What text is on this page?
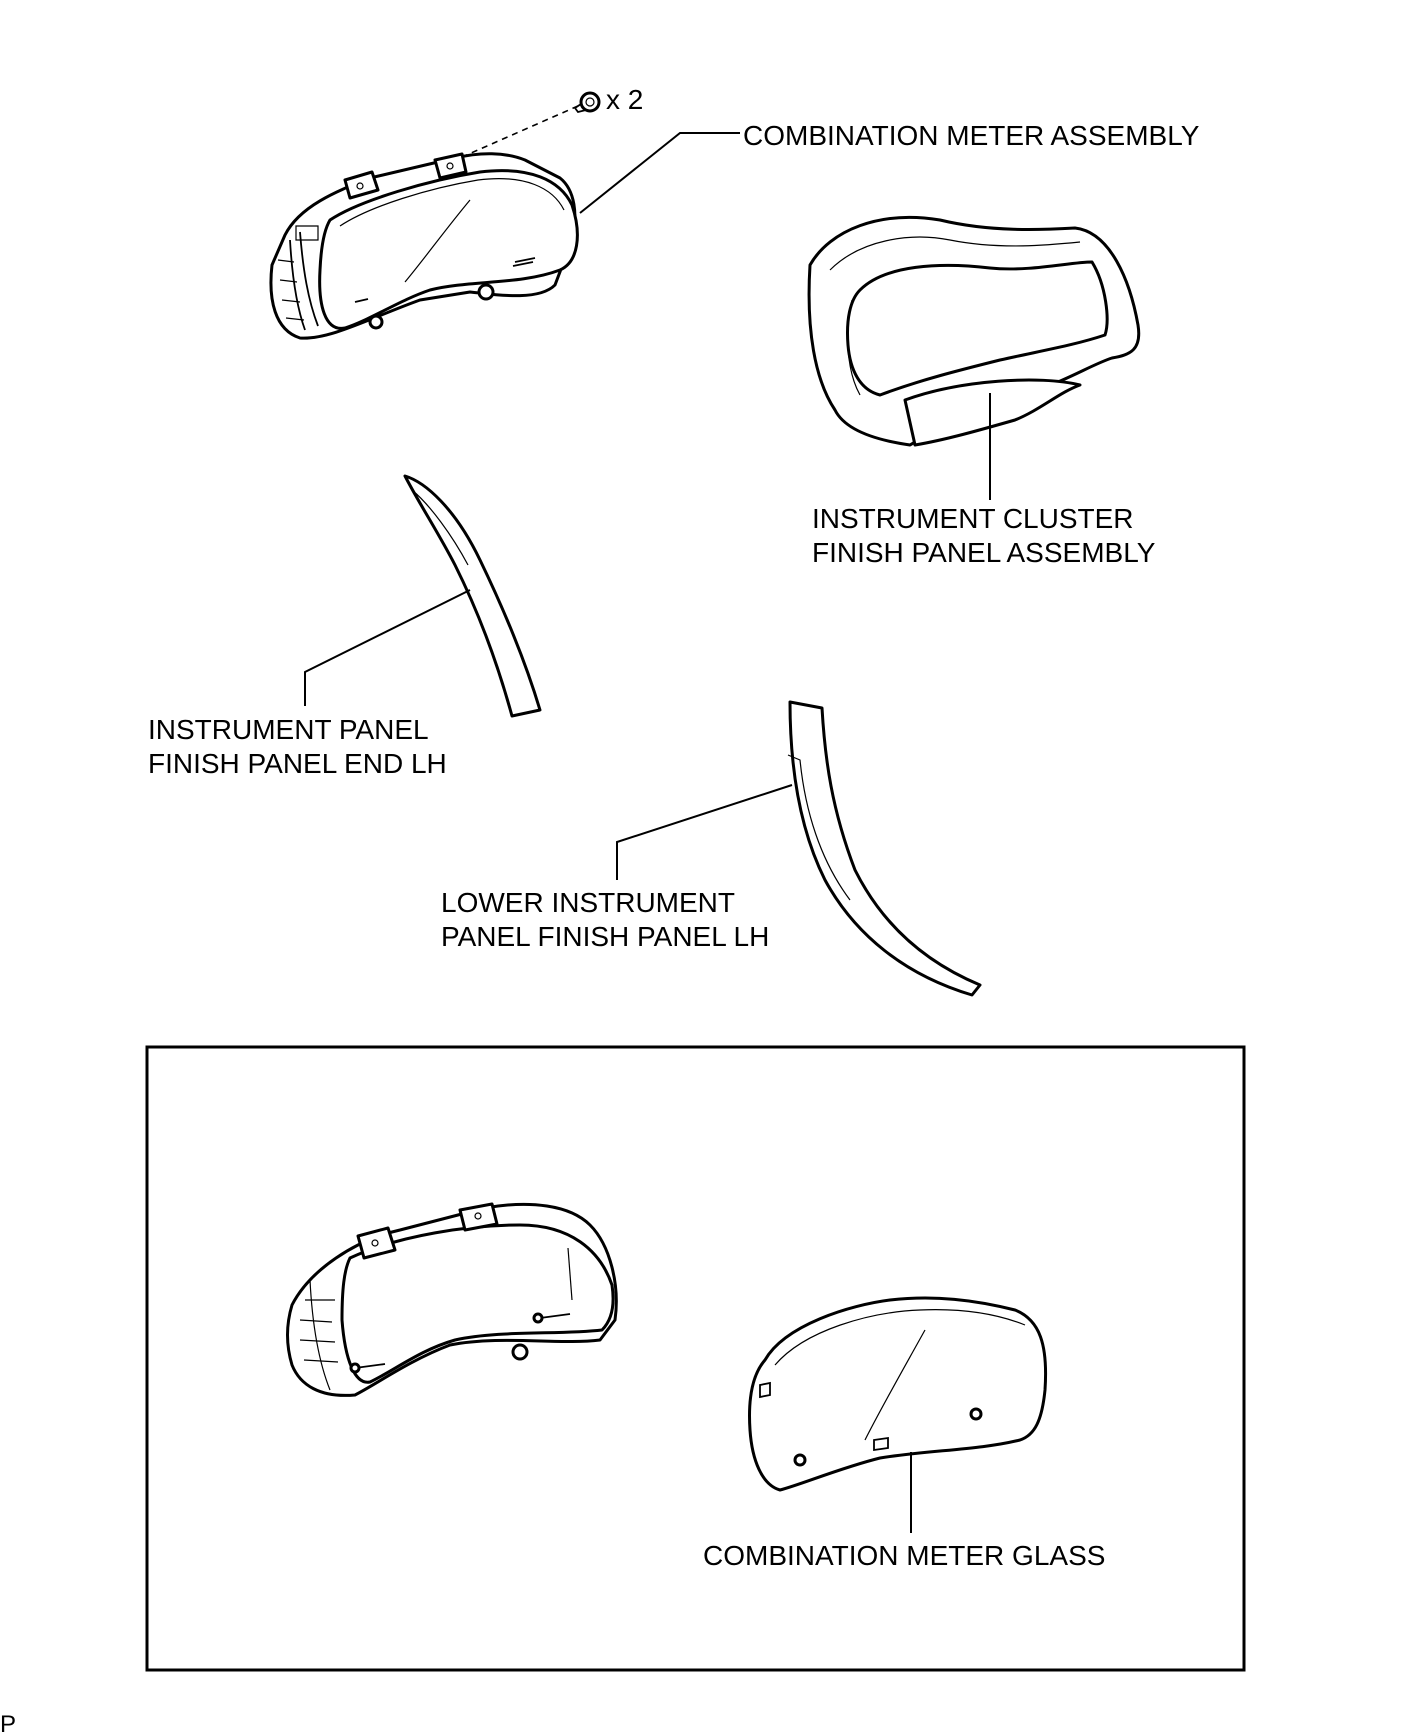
x 2
COMBINATION METER ASSEMBLY
INSTRUMENT CLUSTER
FINISH PANEL ASSEMBLY
INSTRUMENT PANEL
FINISH PANEL END LH
LOWER INSTRUMENT
PANEL FINISH PANEL LH
COMBINATION METER GLASS
P
